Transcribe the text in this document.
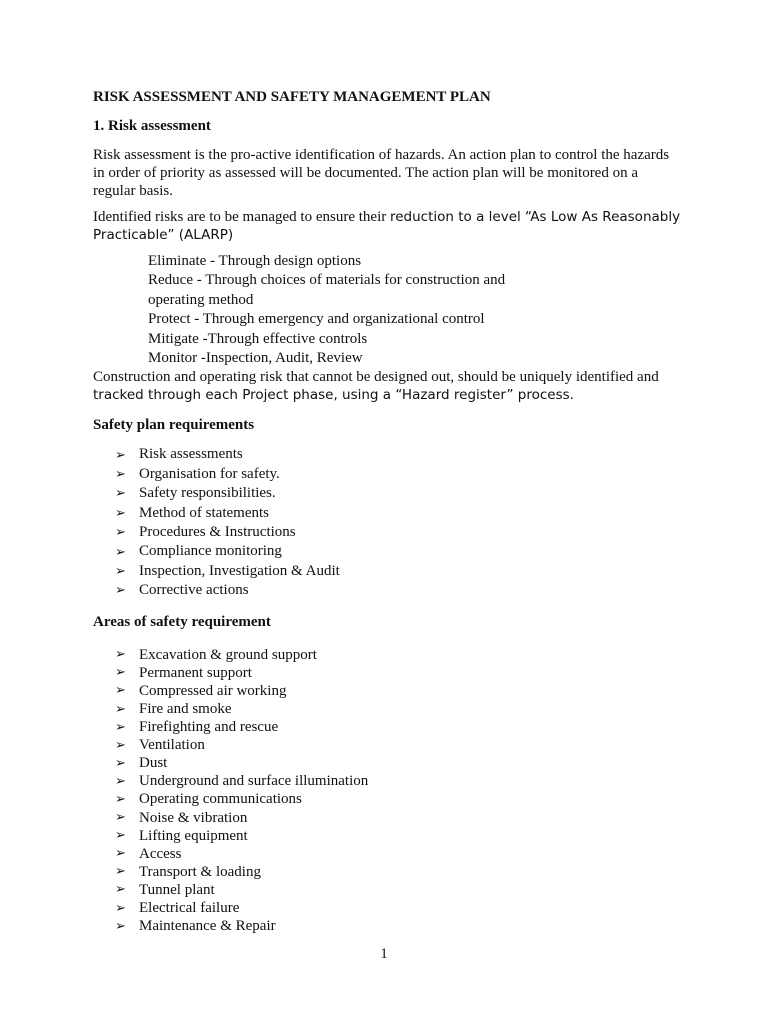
RISK ASSESSMENT AND SAFETY MANAGEMENT PLAN
1. Risk assessment

Risk assessment is the pro-active identification of hazards. An action plan to control the hazards in order of priority as assessed will be documented. The action plan will be monitored on a regular basis.

Identified risks are to be managed to ensure their reduction to a level “As Low As Reasonably Practicable” (ALARP)

Eliminate - Through design options
Reduce - Through choices of materials for construction and
operating method
Protect - Through emergency and organizational control
Mitigate -Through effective controls
Monitor -Inspection, Audit, Review

Construction and operating risk that cannot be designed out, should be uniquely identified and tracked through each Project phase, using a “Hazard register” process.

Safety plan requirements
➢ Risk assessments
➢ Organisation for safety.
➢ Safety responsibilities.
➢ Method of statements
➢ Procedures & Instructions
➢ Compliance monitoring
➢ Inspection, Investigation & Audit
➢ Corrective actions
Areas of safety requirement
➢ Excavation & ground support
➢ Permanent support
➢ Compressed air working
➢ Fire and smoke
➢ Firefighting and rescue
➢ Ventilation
➢ Dust
➢ Underground and surface illumination
➢ Operating communications
➢ Noise & vibration
➢ Lifting equipment
➢ Access
➢ Transport & loading
➢ Tunnel plant
➢ Electrical failure
➢ Maintenance & Repair
1
